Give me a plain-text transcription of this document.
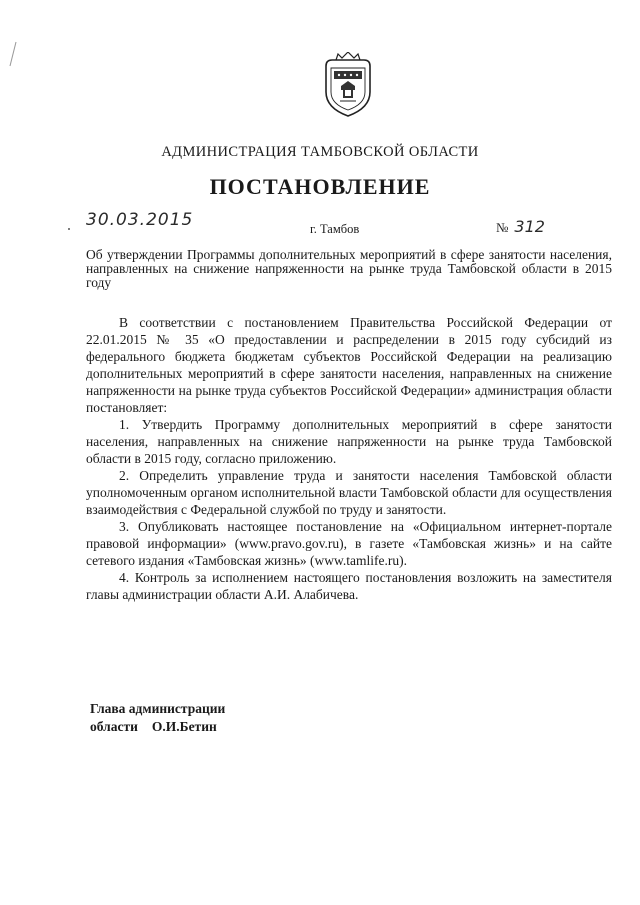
АДМИНИСТРАЦИЯ ТАМБОВСКОЙ ОБЛАСТИ
ПОСТАНОВЛЕНИЕ
30.03.2015	г. Тамбов	№ 312
Об утверждении Программы дополнительных мероприятий в сфере занятости населения, направленных на снижение напряженности на рынке труда Тамбовской области в 2015 году

В соответствии с постановлением Правительства Российской Федерации от 22.01.2015 № 35 «О предоставлении и распределении в 2015 году субсидий из федерального бюджета бюджетам субъектов Российской Федерации на реализацию дополнительных мероприятий в сфере занятости населения, направленных на снижение напряженности на рынке труда субъектов Российской Федерации» администрация области постановляет:

1. Утвердить Программу дополнительных мероприятий в сфере занятости населения, направленных на снижение напряженности на рынке труда Тамбовской области в 2015 году, согласно приложению.

2. Определить управление труда и занятости населения Тамбовской области уполномоченным органом исполнительной власти Тамбовской области для осуществления взаимодействия с Федеральной службой по труду и занятости.

3. Опубликовать настоящее постановление на «Официальном интернет-портале правовой информации» (www.pravo.gov.ru), в газете «Тамбовская жизнь» и на сайте сетевого издания «Тамбовская жизнь» (www.tamlife.ru).

4. Контроль за исполнением настоящего постановления возложить на заместителя главы администрации области А.И. Алабичева.

Глава администрации
области О.И.Бетин
